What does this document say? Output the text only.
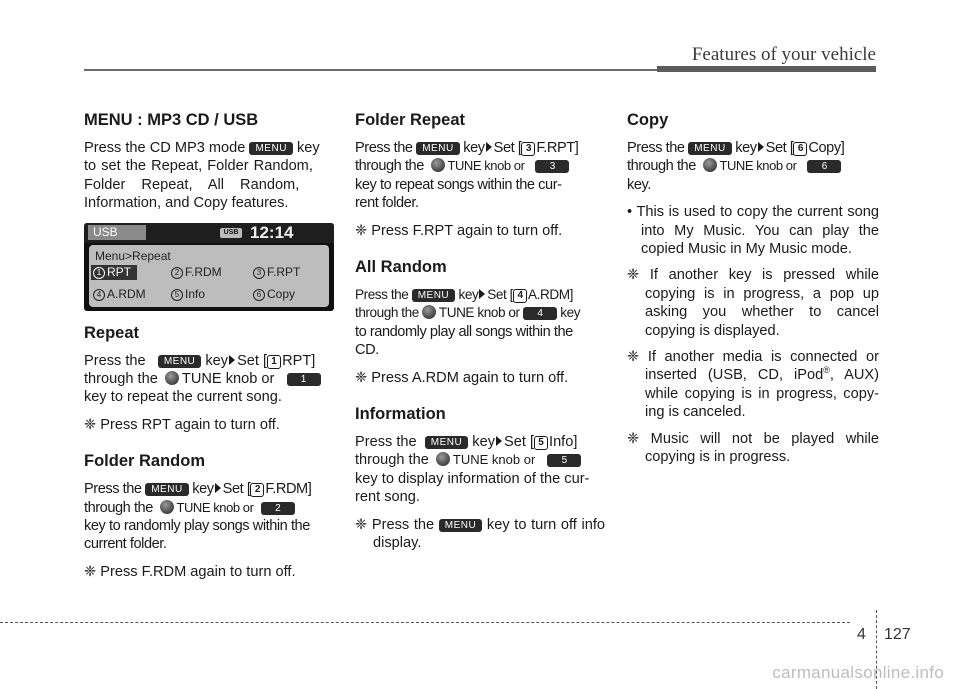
Features of your vehicle
MENU : MP3 CD / USB

Press the CD MP3 mode MENU key
to set the Repeat, Folder Random,
Folder Repeat, All Random,
Information, and Copy features.

USB	USB 12:14
Menu>Repeat
1 RPT	2 F.RDM	3 F.RPT
4 A.RDM	5 Info	6 Copy
Repeat

Press the MENU key Set [ 1 RPT]
through the TUNE knob or	1
key to repeat the current song.

❈ Press RPT again to turn off.

Folder Random

Press the MENU key Set [ 2 F.RDM]
through the TUNE knob or 2
key to randomly play songs within the
current folder.

❈ Press F.RDM again to turn off.

Folder Repeat

Press the MENU key Set [ 3 F.RPT]
through the TUNE knob or	3
key to repeat songs within the cur-
rent folder.

❈ Press F.RPT again to turn off.

All Random

Press the MENU key Set [ 4 A.RDM]
through the TUNE knob or 4 key
to randomly play all songs within the
CD.

❈ Press A.RDM again to turn off.

Information

Press the MENU key Set [ 5 Info]
through the TUNE knob or	5
key to display information of the cur-
rent song.

❈ Press the MENU key to turn off info display.

Copy

Press the MENU key Set [ 6 Copy]
through the TUNE knob or	6
key.

• This is used to copy the current song into My Music. You can play the copied Music in My Music mode.

❈ If another key is pressed while copying is in progress, a pop up asking you whether to cancel copying is displayed.

❈ If another media is connected or inserted (USB, CD, iPod®, AUX) while copying is in progress, copy-ing is canceled.

❈ Music will not be played while copying is in progress.

4 127
carmanualsonline.info
